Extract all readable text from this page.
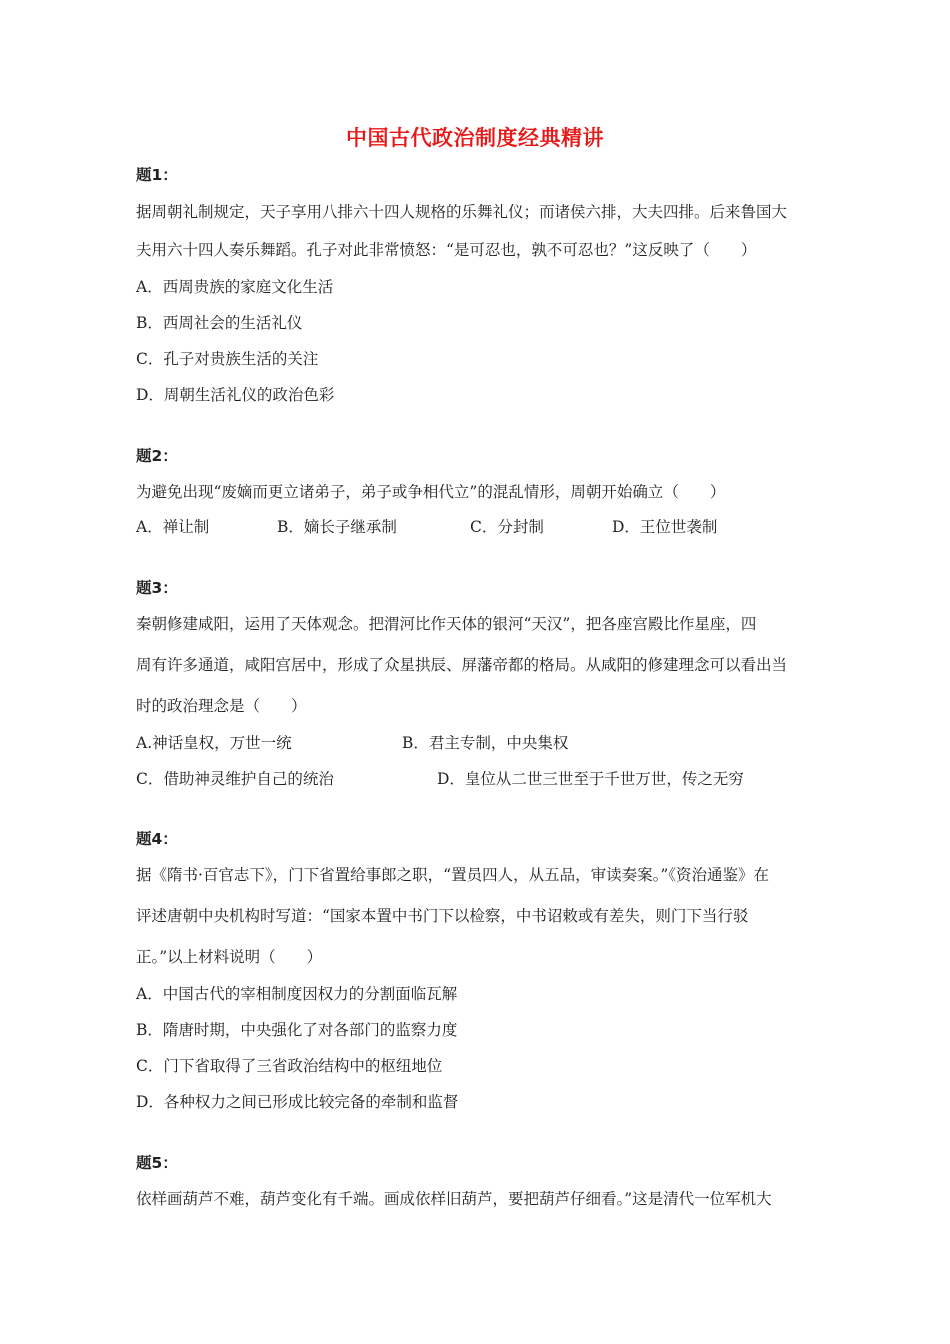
中国古代政治制度经典精讲
题1：
据周朝礼制规定，天子享用八排六十四人规格的乐舞礼仪；而诸侯六排，大夫四排。后来鲁国大
夫用六十四人奏乐舞蹈。孔子对此非常愤怒：“是可忍也，孰不可忍也？”这反映了（　　）
A．西周贵族的家庭文化生活
B．西周社会的生活礼仪
C．孔子对贵族生活的关注
D．周朝生活礼仪的政治色彩
题2：
为避免出现“废嫡而更立诸弟子，弟子或争相代立”的混乱情形，周朝开始确立（　　）
A．禅让制	B．嫡长子继承制	C．分封制	D．王位世袭制
题3：
秦朝修建咸阳，运用了天体观念。把渭河比作天体的银河“天汉”，把各座宫殿比作星座，四
周有许多通道，咸阳宫居中，形成了众星拱辰、屏藩帝都的格局。从咸阳的修建理念可以看出当
时的政治理念是（　　）
A.神话皇权，万世一统	B．君主专制，中央集权
C．借助神灵维护自己的统治	D．皇位从二世三世至于千世万世，传之无穷
题4：
据《隋书·百官志下》，门下省置给事郎之职，“置员四人，从五品，审读奏案。”《资治通鉴》在
评述唐朝中央机构时写道：“国家本置中书门下以检察，中书诏敕或有差失，则门下当行驳
正。”以上材料说明（　　）
A．中国古代的宰相制度因权力的分割面临瓦解
B．隋唐时期，中央强化了对各部门的监察力度
C．门下省取得了三省政治结构中的枢纽地位
D．各种权力之间已形成比较完备的牵制和监督
题5：
依样画葫芦不难，葫芦变化有千端。画成依样旧葫芦，要把葫芦仔细看。”这是清代一位军机大
